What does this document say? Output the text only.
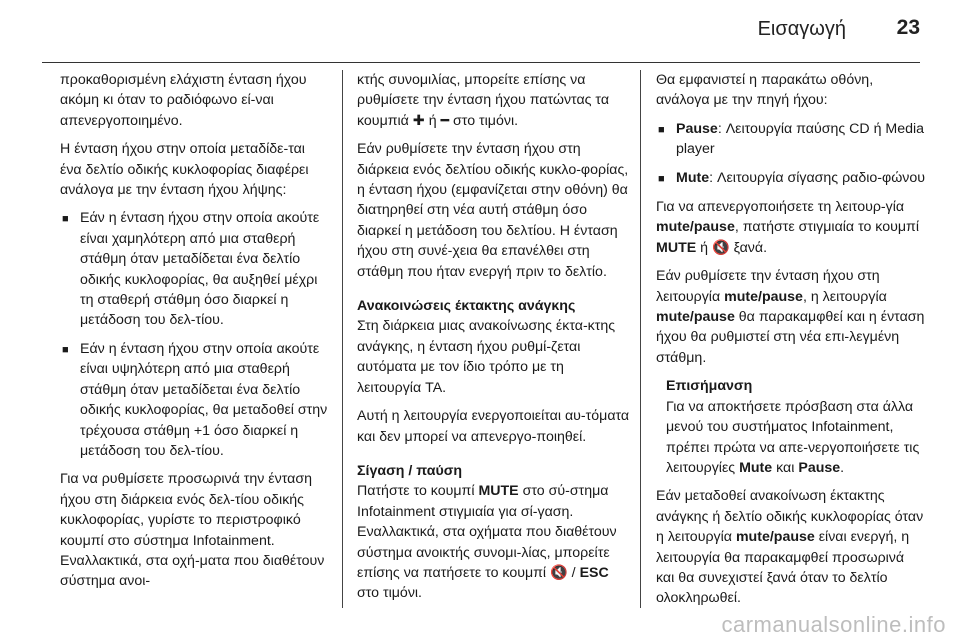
Εισαγωγή 23

προκαθορισμένη ελάχιστη ένταση ήχου ακόμη κι όταν το ραδιόφωνο εί-ναι απενεργοποιημένο.

Η ένταση ήχου στην οποία μεταδίδε-ται ένα δελτίο οδικής κυκλοφορίας διαφέρει ανάλογα με την ένταση ήχου λήψης:

■ Εάν η ένταση ήχου στην οποία ακούτε είναι χαμηλότερη από μια σταθερή στάθμη όταν μεταδίδεται ένα δελτίο οδικής κυκλοφορίας, θα αυξηθεί μέχρι τη σταθερή στάθμη όσο διαρκεί η μετάδοση του δελ-τίου.
■ Εάν η ένταση ήχου στην οποία ακούτε είναι υψηλότερη από μια σταθερή στάθμη όταν μεταδίδεται ένα δελτίο οδικής κυκλοφορίας, θα μεταδοθεί στην τρέχουσα στάθμη +1 όσο διαρκεί η μετάδοση του δελ-τίου.

Για να ρυθμίσετε προσωρινά την ένταση ήχου στη διάρκεια ενός δελ-τίου οδικής κυκλοφορίας, γυρίστε το περιστροφικό κουμπί στο σύστημα Infotainment. Εναλλακτικά, στα οχή-ματα που διαθέτουν σύστημα ανοι-

κτής συνομιλίας, μπορείτε επίσης να ρυθμίσετε την ένταση ήχου πατώντας τα κουμπιά ✚ ή ━ στο τιμόνι.

Εάν ρυθμίσετε την ένταση ήχου στη διάρκεια ενός δελτίου οδικής κυκλο-φορίας, η ένταση ήχου (εμφανίζεται στην οθόνη) θα διατηρηθεί στη νέα αυτή στάθμη όσο διαρκεί η μετάδοση του δελτίου. Η ένταση ήχου στη συνέ-χεια θα επανέλθει στη στάθμη που ήταν ενεργή πριν το δελτίο.

Ανακοινώσεις έκτακτης ανάγκης

Στη διάρκεια μιας ανακοίνωσης έκτα-κτης ανάγκης, η ένταση ήχου ρυθμί-ζεται αυτόματα με τον ίδιο τρόπο με τη λειτουργία TA.

Αυτή η λειτουργία ενεργοποιείται αυ-τόματα και δεν μπορεί να απενεργο-ποιηθεί.

Σίγαση / παύση

Πατήστε το κουμπί MUTE στο σύ-στημα Infotainment στιγμιαία για σί-γαση. Εναλλακτικά, στα οχήματα που διαθέτουν σύστημα ανοικτής συνομι-λίας, μπορείτε επίσης να πατήσετε το κουμπί 🔇 / ESC στο τιμόνι.

Θα εμφανιστεί η παρακάτω οθόνη, ανάλογα με την πηγή ήχου:

■ Pause: Λειτουργία παύσης CD ή Media player
■ Mute: Λειτουργία σίγασης ραδιο-φώνου

Για να απενεργοποιήσετε τη λειτουρ-γία mute/pause, πατήστε στιγμιαία το κουμπί MUTE ή 🔇 ξανά.

Εάν ρυθμίσετε την ένταση ήχου στη λειτουργία mute/pause, η λειτουργία mute/pause θα παρακαμφθεί και η ένταση ήχου θα ρυθμιστεί στη νέα επι-λεγμένη στάθμη.

Επισήμανση

Για να αποκτήσετε πρόσβαση στα άλλα μενού του συστήματος Infotainment, πρέπει πρώτα να απε-νεργοποιήσετε τις λειτουργίες Mute και Pause.

Εάν μεταδοθεί ανακοίνωση έκτακτης ανάγκης ή δελτίο οδικής κυκλοφορίας όταν η λειτουργία mute/pause είναι ενεργή, η λειτουργία θα παρακαμφθεί προσωρινά και θα συνεχιστεί ξανά όταν το δελτίο ολοκληρωθεί.

carmanualsonline.info
